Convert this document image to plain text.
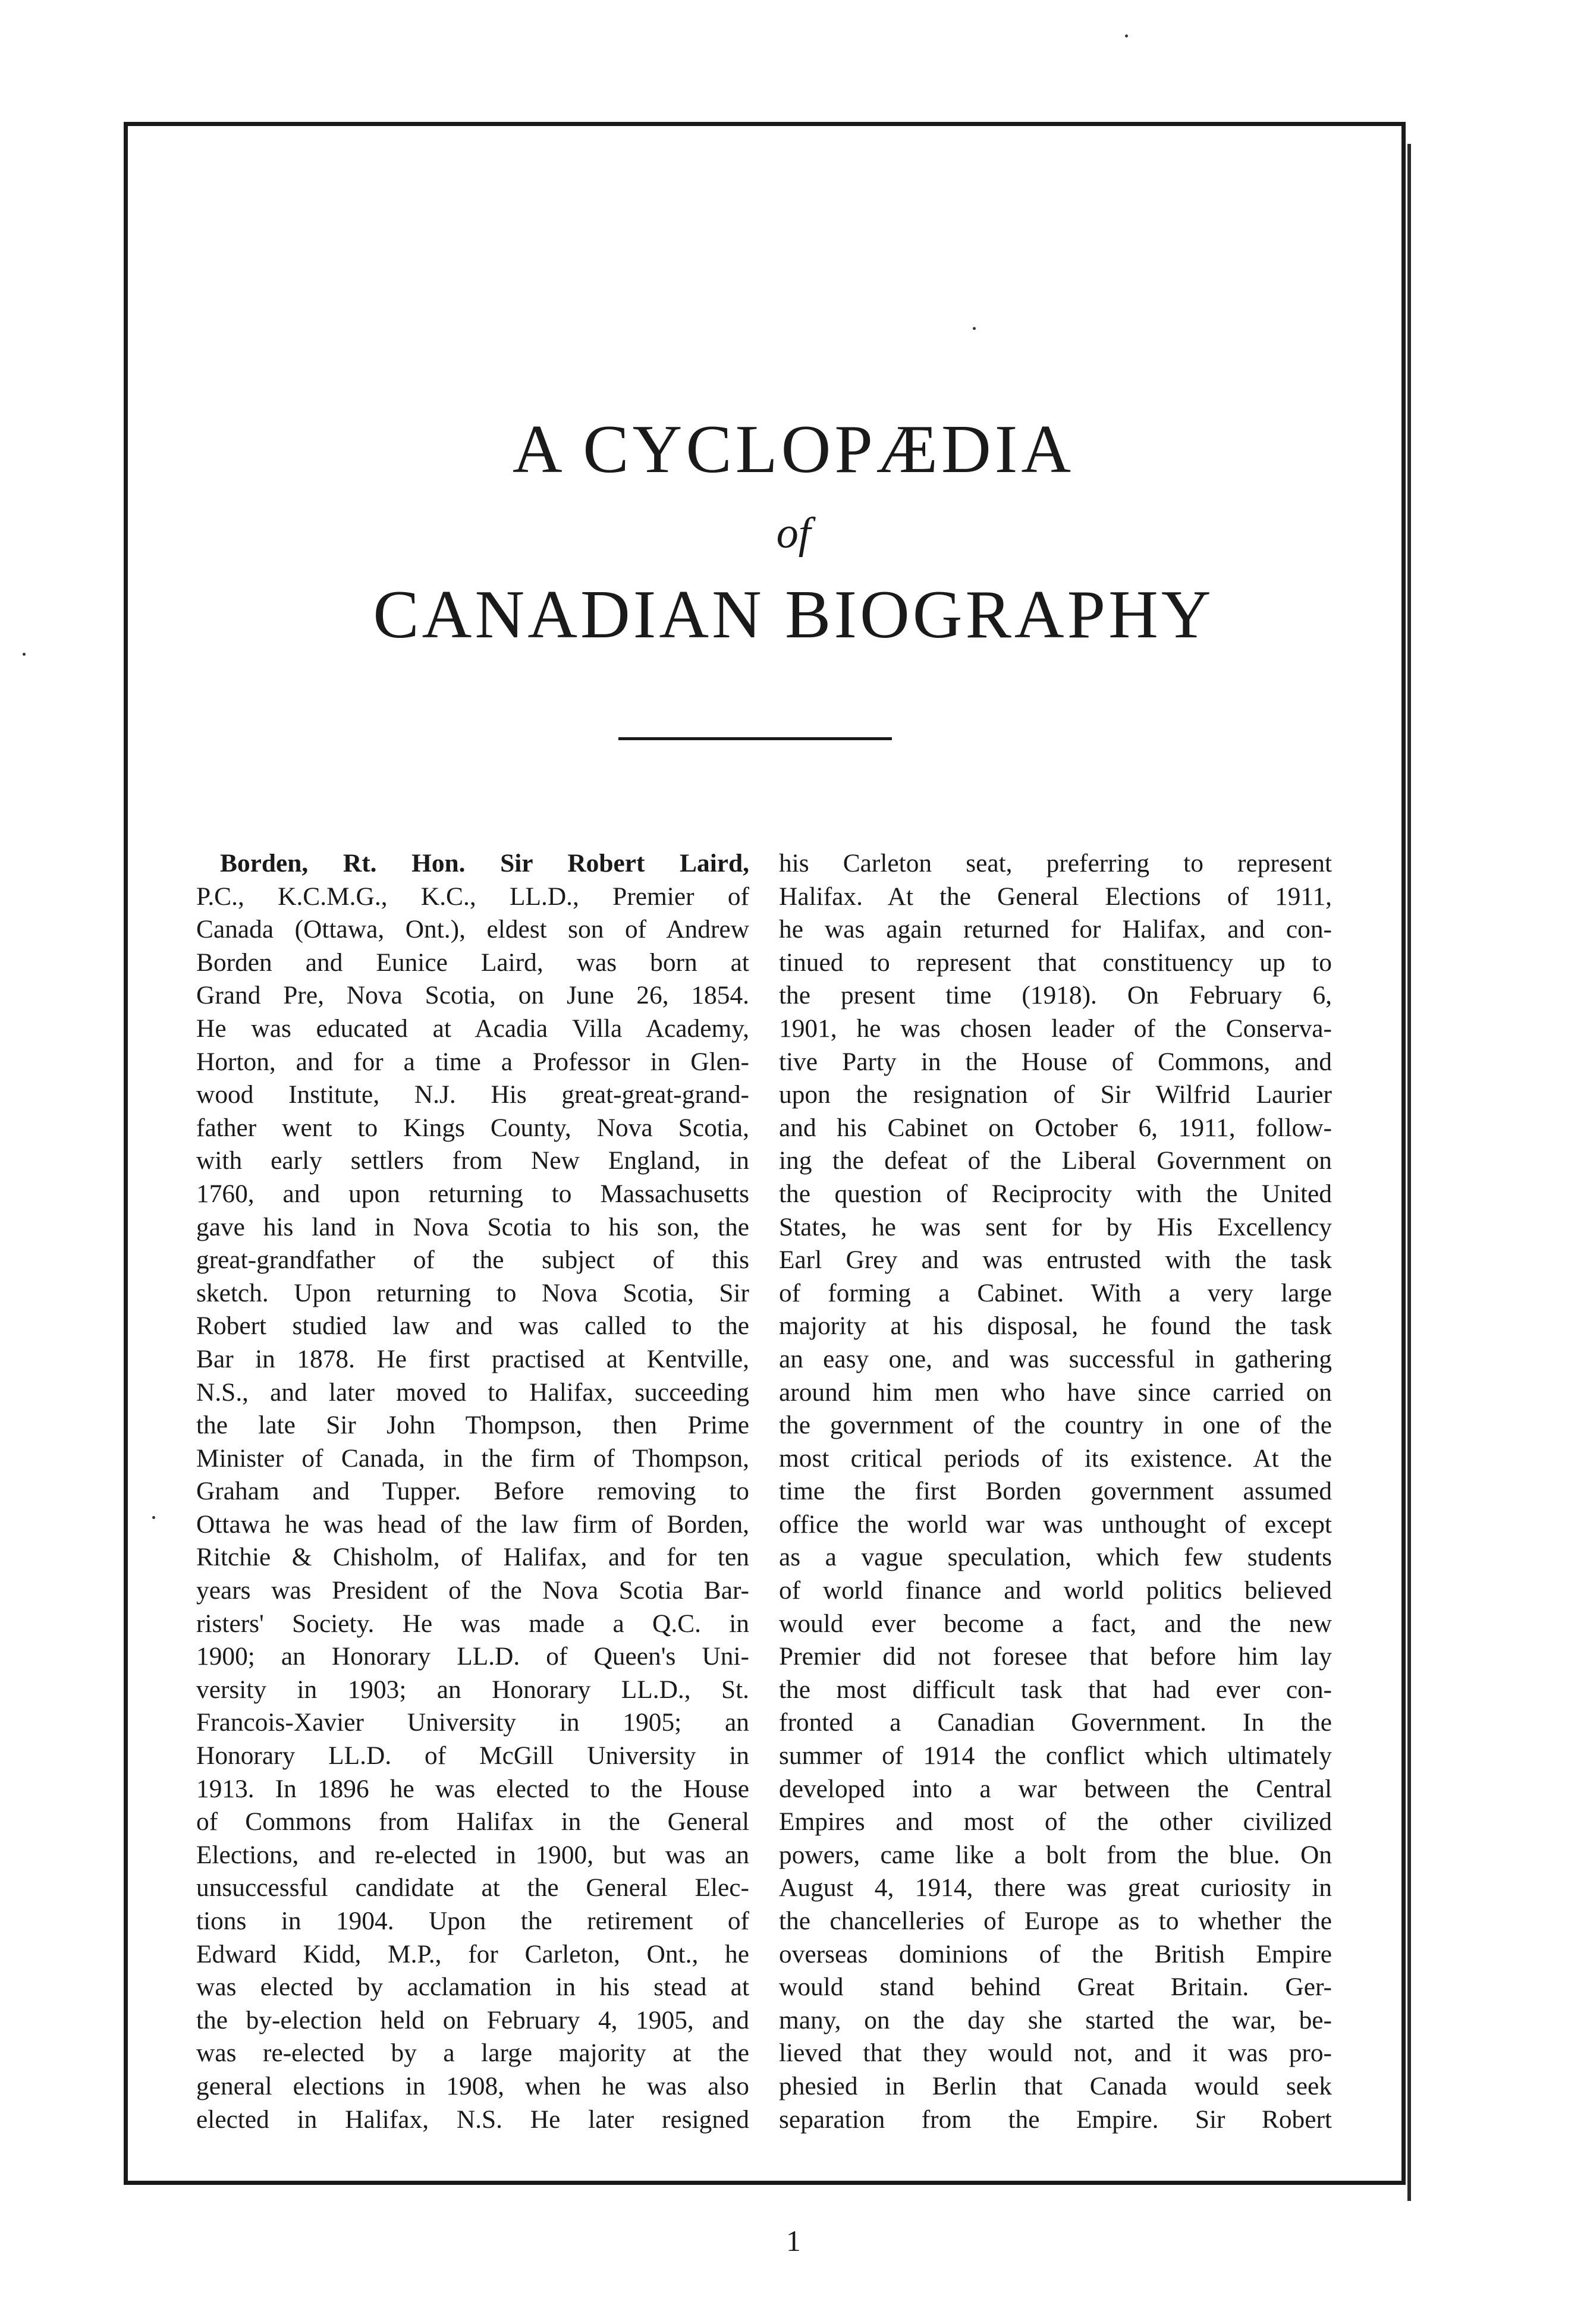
A CYCLOPÆDIA
of
CANADIAN BIOGRAPHY
Borden, Rt. Hon. Sir Robert Laird,
P.C., K.C.M.G., K.C., LL.D., Premier of
Canada (Ottawa, Ont.), eldest son of Andrew
Borden and Eunice Laird, was born at
Grand Pre, Nova Scotia, on June 26, 1854.
He was educated at Acadia Villa Academy,
Horton, and for a time a Professor in Glen-
wood Institute, N.J. His great-great-grand-
father went to Kings County, Nova Scotia,
with early settlers from New England, in
1760, and upon returning to Massachusetts
gave his land in Nova Scotia to his son, the
great-grandfather of the subject of this
sketch. Upon returning to Nova Scotia, Sir
Robert studied law and was called to the
Bar in 1878. He first practised at Kentville,
N.S., and later moved to Halifax, succeeding
the late Sir John Thompson, then Prime
Minister of Canada, in the firm of Thompson,
Graham and Tupper. Before removing to
Ottawa he was head of the law firm of Borden,
Ritchie & Chisholm, of Halifax, and for ten
years was President of the Nova Scotia Bar-
risters' Society. He was made a Q.C. in
1900; an Honorary LL.D. of Queen's Uni-
versity in 1903; an Honorary LL.D., St.
Francois-Xavier University in 1905; an
Honorary LL.D. of McGill University in
1913. In 1896 he was elected to the House
of Commons from Halifax in the General
Elections, and re-elected in 1900, but was an
unsuccessful candidate at the General Elec-
tions in 1904. Upon the retirement of
Edward Kidd, M.P., for Carleton, Ont., he
was elected by acclamation in his stead at
the by-election held on February 4, 1905, and
was re-elected by a large majority at the
general elections in 1908, when he was also
elected in Halifax, N.S. He later resigned
his Carleton seat, preferring to represent
Halifax. At the General Elections of 1911,
he was again returned for Halifax, and con-
tinued to represent that constituency up to
the present time (1918). On February 6,
1901, he was chosen leader of the Conserva-
tive Party in the House of Commons, and
upon the resignation of Sir Wilfrid Laurier
and his Cabinet on October 6, 1911, follow-
ing the defeat of the Liberal Government on
the question of Reciprocity with the United
States, he was sent for by His Excellency
Earl Grey and was entrusted with the task
of forming a Cabinet. With a very large
majority at his disposal, he found the task
an easy one, and was successful in gathering
around him men who have since carried on
the government of the country in one of the
most critical periods of its existence. At the
time the first Borden government assumed
office the world war was unthought of except
as a vague speculation, which few students
of world finance and world politics believed
would ever become a fact, and the new
Premier did not foresee that before him lay
the most difficult task that had ever con-
fronted a Canadian Government. In the
summer of 1914 the conflict which ultimately
developed into a war between the Central
Empires and most of the other civilized
powers, came like a bolt from the blue. On
August 4, 1914, there was great curiosity in
the chancelleries of Europe as to whether the
overseas dominions of the British Empire
would stand behind Great Britain. Ger-
many, on the day she started the war, be-
lieved that they would not, and it was pro-
phesied in Berlin that Canada would seek
separation from the Empire. Sir Robert
1
